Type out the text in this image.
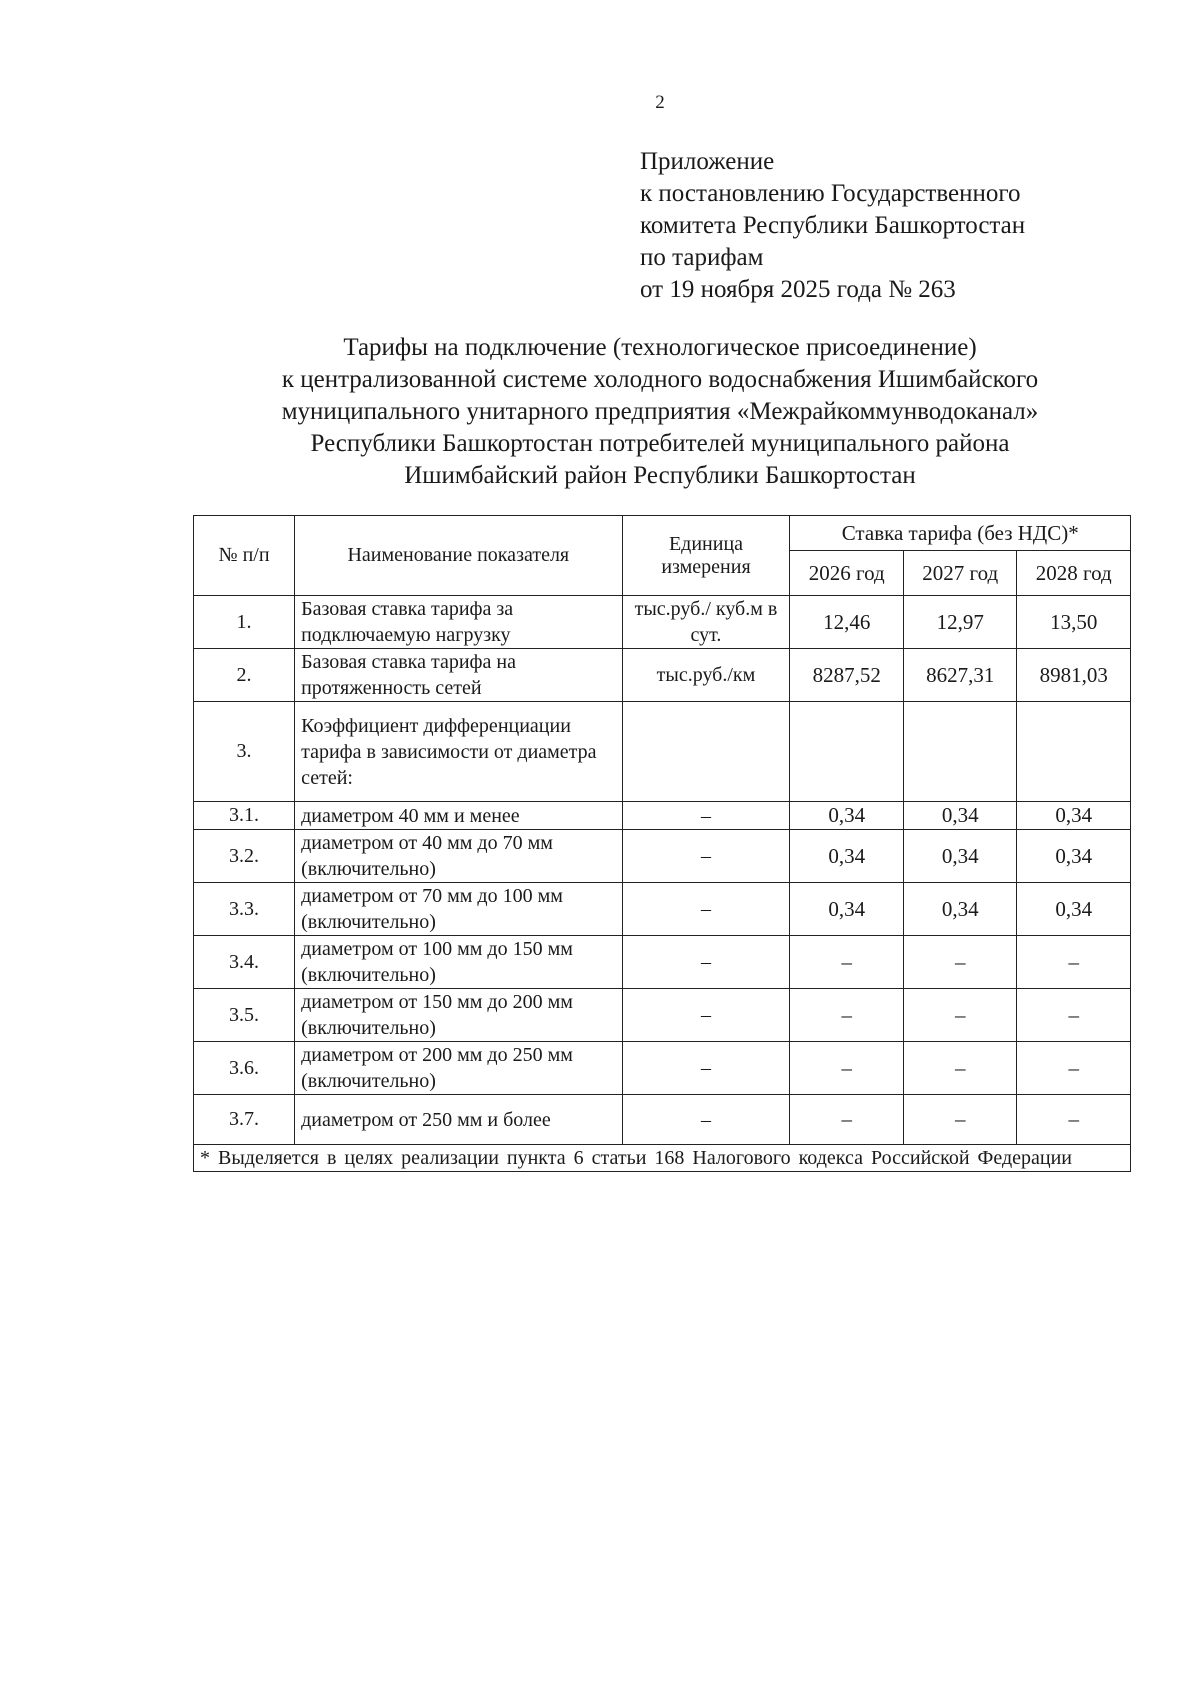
2
Приложение
к постановлению Государственного
комитета Республики Башкортостан
по тарифам
от 19 ноября 2025 года № 263
Тарифы на подключение (технологическое присоединение)
к централизованной системе холодного водоснабжения Ишимбайского
муниципального унитарного предприятия «Межрайкоммунводоканал»
Республики Башкортостан потребителей муниципального района
Ишимбайский район Республики Башкортостан
№ п/п	Наименование показателя	Единица измерения	Ставка тарифа (без НДС)*		
			2026 год	2027 год	2028 год
1.	Базовая ставка тарифа за подключаемую нагрузку	тыс.руб./ куб.м в сут.	12,46	12,97	13,50
2.	Базовая ставка тарифа на протяженность сетей	тыс.руб./км	8287,52	8627,31	8981,03
3.	Коэффициент дифференциации тарифа в зависимости от диаметра сетей:				
3.1.	диаметром 40 мм и менее	–	0,34	0,34	0,34
3.2.	диаметром от 40 мм до 70 мм (включительно)	–	0,34	0,34	0,34
3.3.	диаметром от 70 мм до 100 мм (включительно)	–	0,34	0,34	0,34
3.4.	диаметром от 100 мм до 150 мм (включительно)	–	–	–	–
3.5.	диаметром от 150 мм до 200 мм (включительно)	–	–	–	–
3.6.	диаметром от 200 мм до 250 мм (включительно)	–	–	–	–
3.7.	диаметром от 250 мм и более	–	–	–	–
* Выделяется в целях реализации пункта 6 статьи 168 Налогового кодекса Российской Федерации					
